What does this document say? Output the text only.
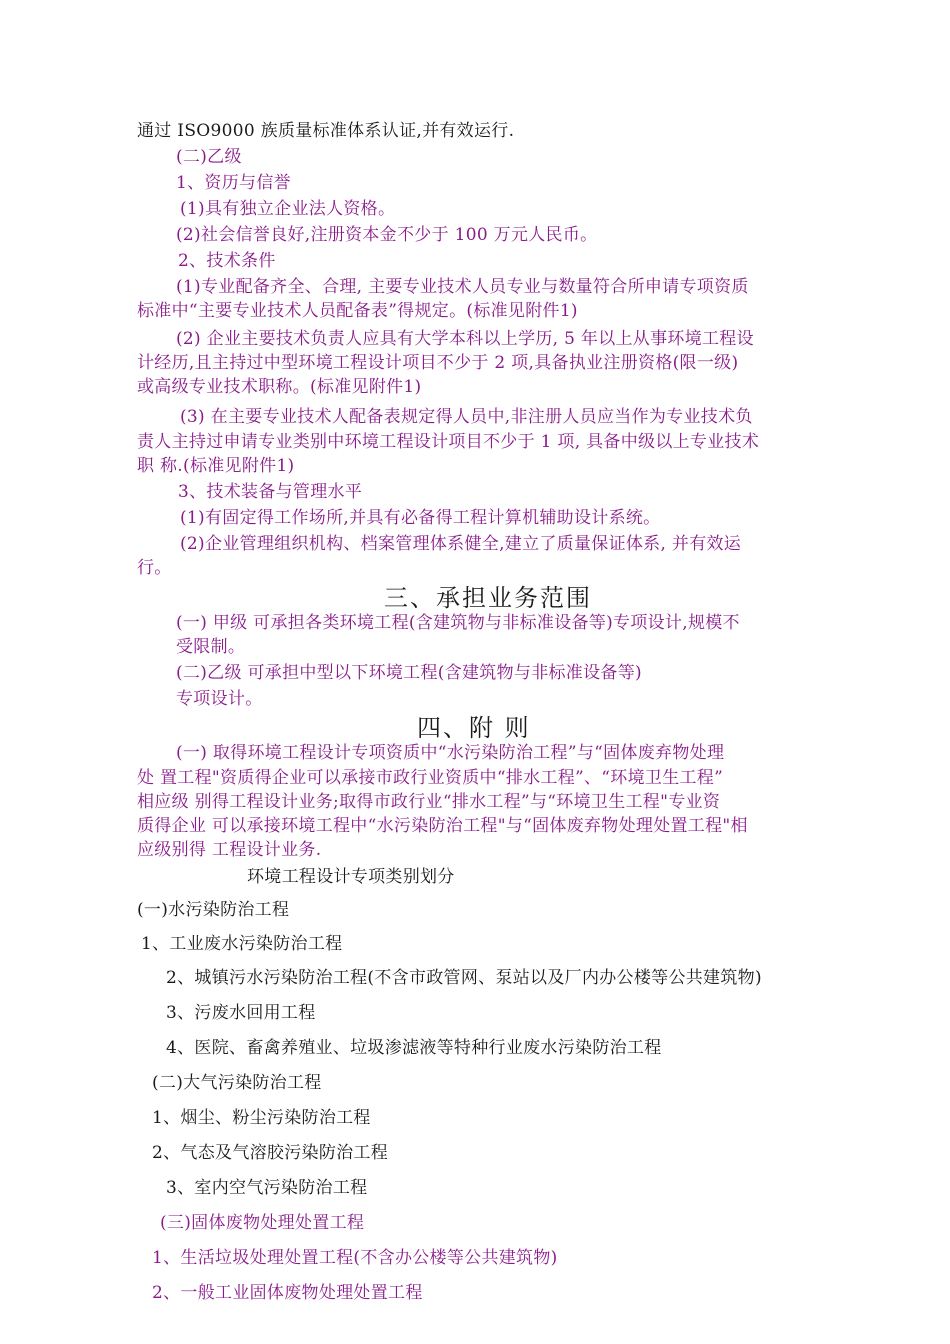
通过 ISO9000 族质量标准体系认证,并有效运行.
(二)乙级
1、资历与信誉
(1)具有独立企业法人资格。
(2)社会信誉良好,注册资本金不少于 100 万元人民币。
2、技术条件
(1)专业配备齐全、合理, 主要专业技术人员专业与数量符合所申请专项资质
标准中“主要专业技术人员配备表”得规定。(标准见附件1)
(2) 企业主要技术负责人应具有大学本科以上学历, 5 年以上从事环境工程设
计经历,且主持过中型环境工程设计项目不少于 2 项,具备执业注册资格(限一级)
或高级专业技术职称。(标准见附件1)
(3) 在主要专业技术人配备表规定得人员中,非注册人员应当作为专业技术负
责人主持过申请专业类别中环境工程设计项目不少于 1 项, 具备中级以上专业技术
职 称.(标准见附件1)
3、技术装备与管理水平
(1)有固定得工作场所,并具有必备得工程计算机辅助设计系统。
(2)企业管理组织机构、档案管理体系健全,建立了质量保证体系, 并有效运
行。
(一) 甲级 可承担各类环境工程(含建筑物与非标准设备等)专项设计,规模不
受限制。
(二)乙级 可承担中型以下环境工程(含建筑物与非标准设备等)
专项设计。
(一) 取得环境工程设计专项资质中“水污染防治工程”与“固体废弃物处理
处 置工程"资质得企业可以承接市政行业资质中“排水工程”、“环境卫生工程”
相应级 别得工程设计业务;取得市政行业“排水工程”与“环境卫生工程"专业资
质得企业 可以承接环境工程中“水污染防治工程"与“固体废弃物处理处置工程"相
应级别得 工程设计业务.
环境工程设计专项类别划分
(一)水污染防治工程
1、工业废水污染防治工程
2、城镇污水污染防治工程(不含市政管网、泵站以及厂内办公楼等公共建筑物)
3、污废水回用工程
4、医院、畜禽养殖业、垃圾渗滤液等特种行业废水污染防治工程
(二)大气污染防治工程
1、烟尘、粉尘污染防治工程
2、气态及气溶胶污染防治工程
3、室内空气污染防治工程
(三)固体废物处理处置工程
1、生活垃圾处理处置工程(不含办公楼等公共建筑物)
2、一般工业固体废物处理处置工程
三、承担业务范围
四、附 则
